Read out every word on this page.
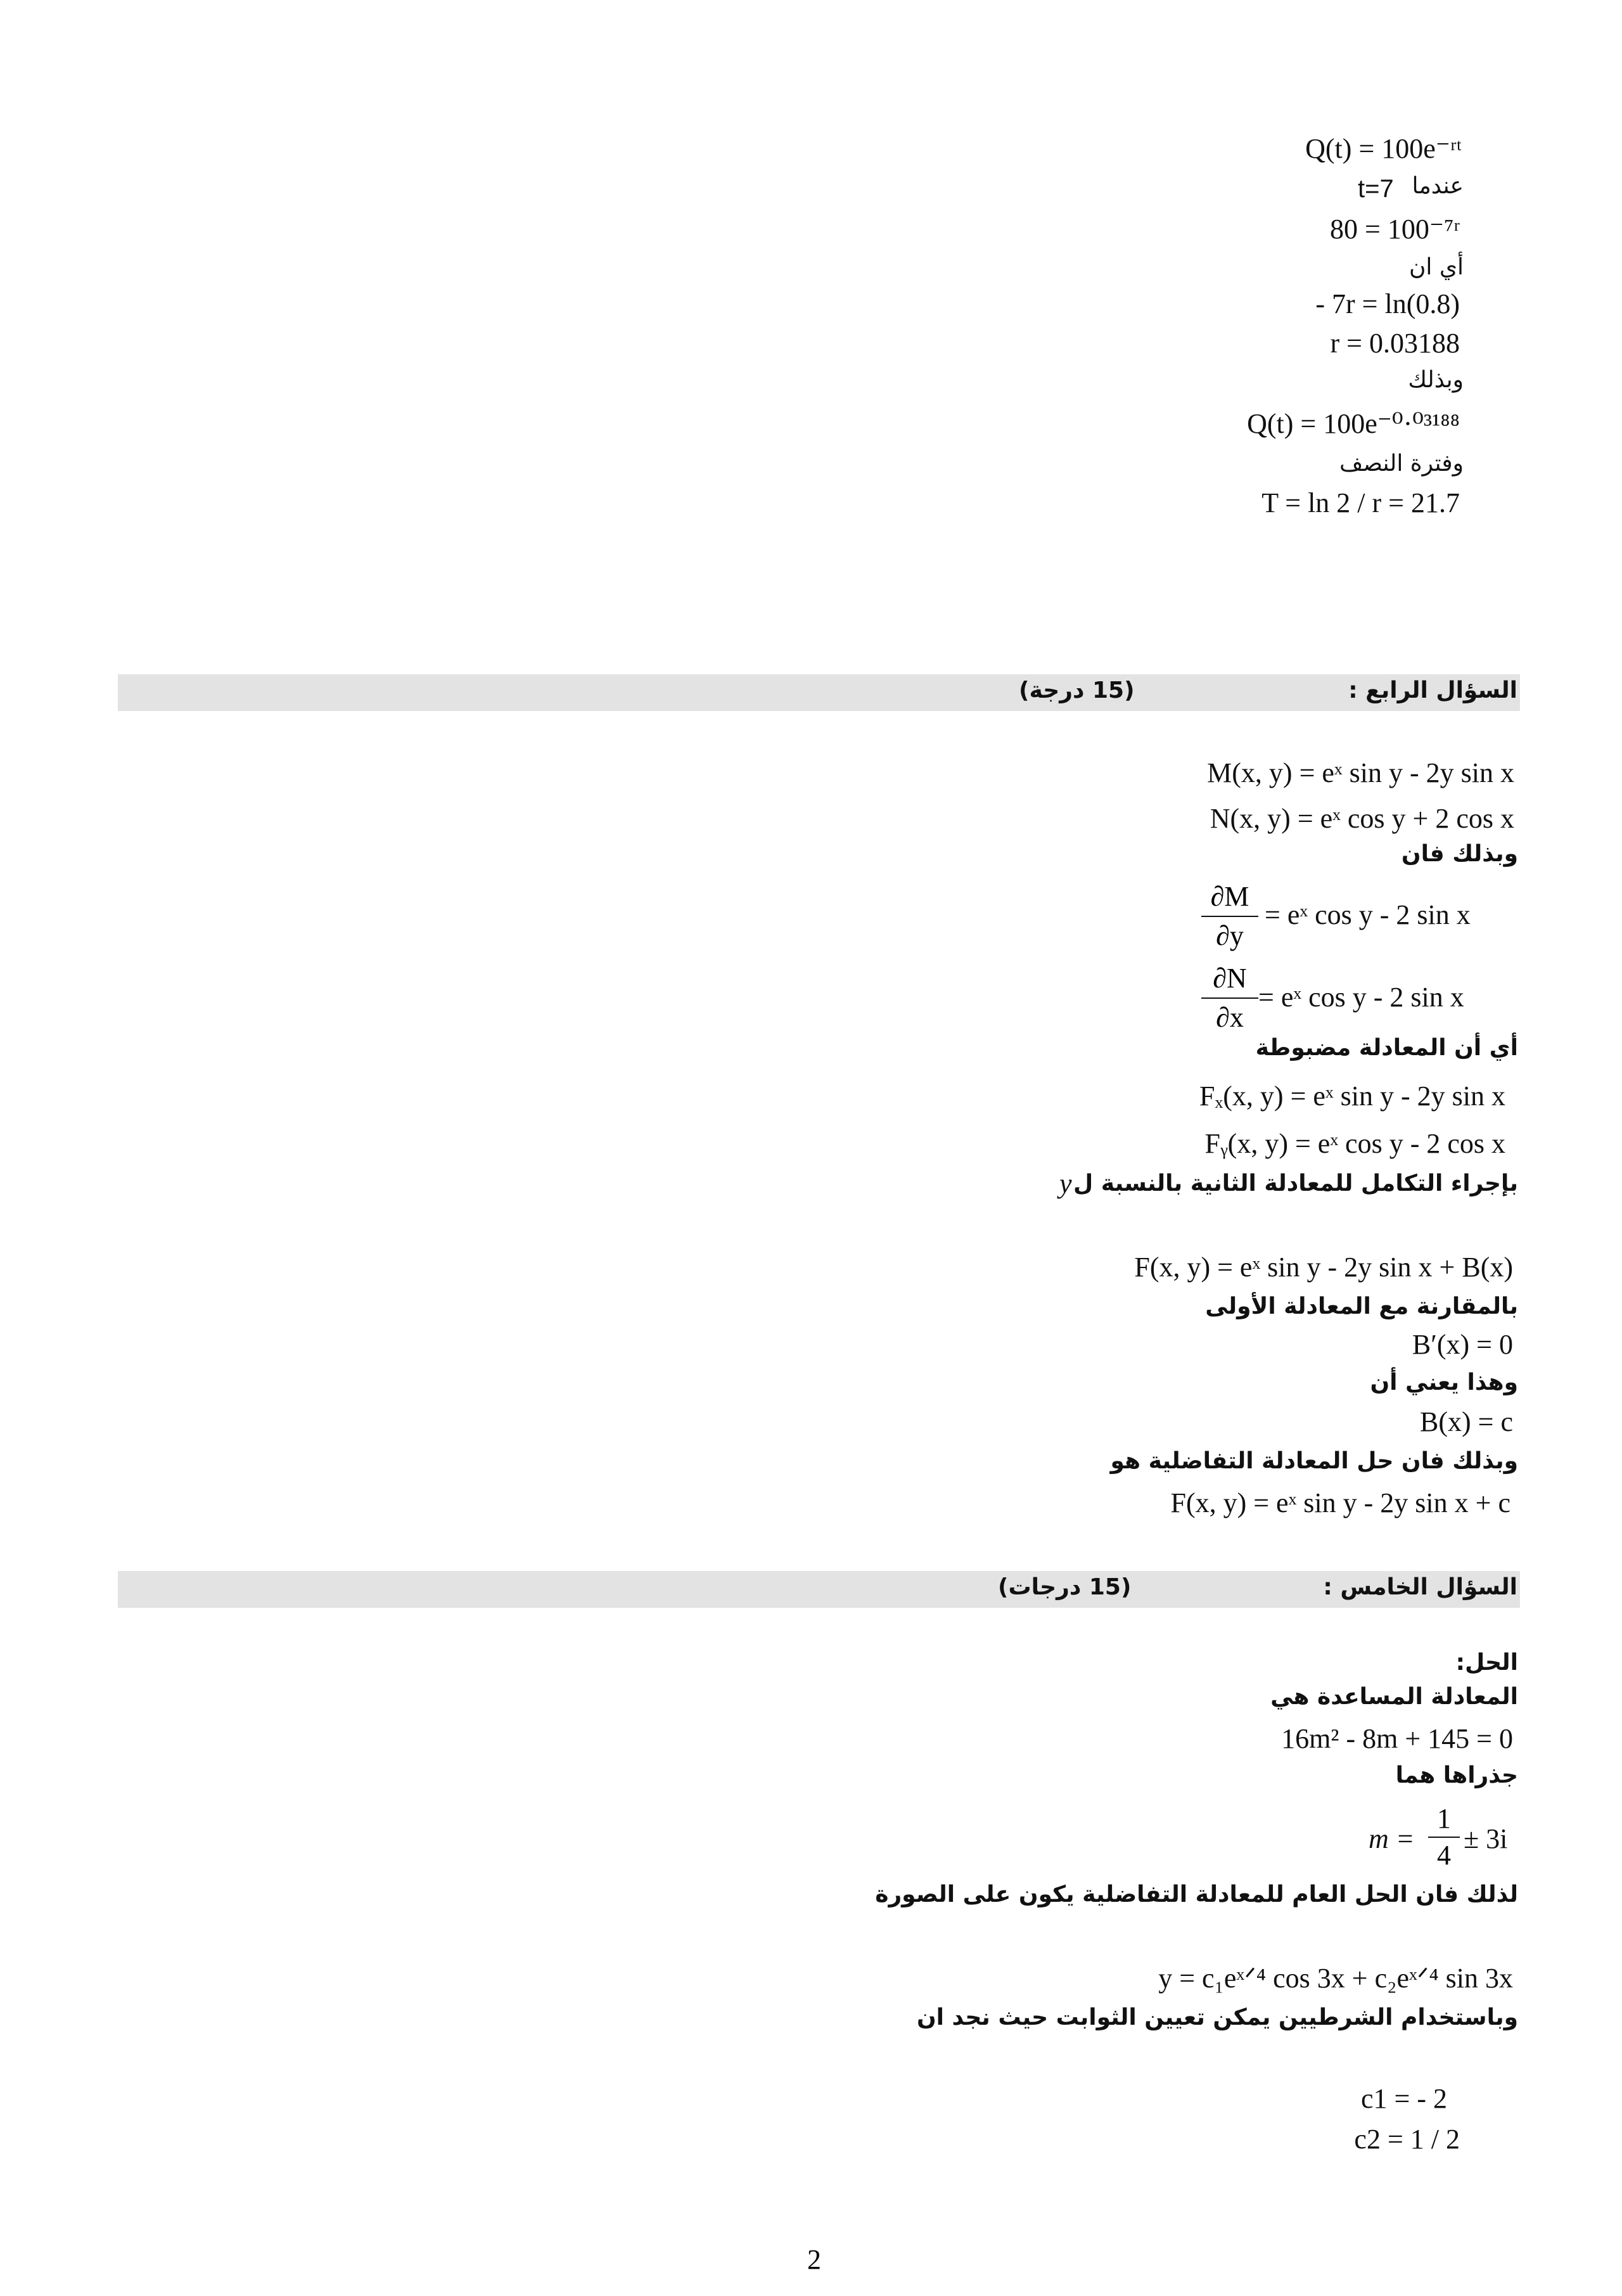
Q(t) = 100e⁻ʳᵗ
عندما
t=7
80 = 100⁻⁷ʳ
أي ان
- 7r = ln(0.8)
r = 0.03188
وبذلك
Q(t) = 100e⁻⁰·⁰³¹⁸⁸
وفترة النصف
T = ln 2 / r = 21.7
السؤال الرابع :
(15 درجة)
M(x, y) = eˣ sin y - 2y sin x
N(x, y) = eˣ cos y + 2 cos x
وبذلك فان
$\frac{\partial M}{\partial y}$ = eˣ cos y - 2 sin x
$\frac{\partial N}{\partial x}$ = eˣ cos y - 2 sin x
أي أن المعادلة مضبوطة
Fₓ(x, y) = eˣ sin y - 2y sin x
Fᵧ(x, y) = eˣ cos y - 2 cos x
بإجراء التكامل للمعادلة الثانية بالنسبة ل
y
F(x, y) = eˣ sin y - 2y sin x + B(x)
بالمقارنة مع المعادلة الأولى
B′(x) = 0
وهذا يعني أن
B(x) = c
وبذلك فان حل المعادلة التفاضلية هو
F(x, y) = eˣ sin y - 2y sin x + c
السؤال الخامس :
(15 درجات)
الحل:
المعادلة المساعدة هي
16m² - 8m + 145 = 0
جذراها هما
$m = \frac{1}{4} \pm 3i$
لذلك فان الحل العام للمعادلة التفاضلية يكون على الصورة
y = c₁eˣᐟ⁴ cos 3x + c₂eˣᐟ⁴ sin 3x
وباستخدام الشرطيين يمكن تعيين الثوابت حيث نجد ان
c1 = - 2
c2 = 1 / 2
2
